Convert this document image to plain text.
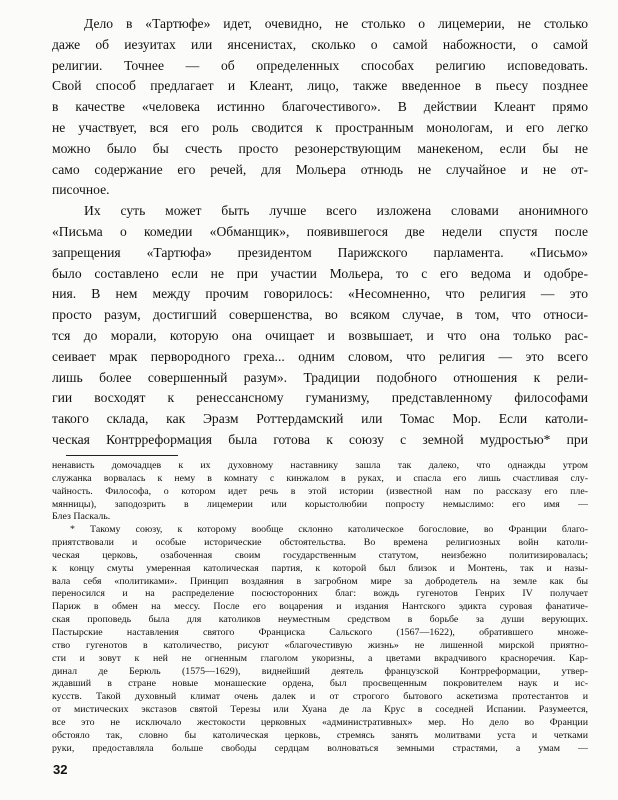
Дело в «Тартюфе» идет, очевидно, не столько о лицемерии, не столько
даже об иезуитах или янсенистах, сколько о самой набожности, о самой
религии. Точнее — об определенных способах религию исповедовать.
Свой способ предлагает и Клеант, лицо, также введенное в пьесу позднее
в качестве «человека истинно благочестивого». В действии Клеант прямо
не участвует, вся его роль сводится к пространным монологам, и его легко
можно было бы счесть просто резонерствующим манекеном, если бы не
само содержание его речей, для Мольера отнюдь не случайное и не от-
писочное.
Их суть может быть лучше всего изложена словами анонимного
«Письма о комедии «Обманщик», появившегося две недели спустя после
запрещения «Тартюфа» президентом Парижского парламента. «Письмо»
было составлено если не при участии Мольера, то с его ведома и одобре-
ния. В нем между прочим говорилось: «Несомненно, что религия — это
просто разум, достигший совершенства, во всяком случае, в том, что относи-
тся до морали, которую она очищает и возвышает, и что она только рас-
сеивает мрак первородного греха... одним словом, что религия — это всего
лишь более совершенный разум». Традиции подобного отношения к рели-
гии восходят к ренессансному гуманизму, представленному философами
такого склада, как Эразм Роттердамский или Томас Мор. Если католи-
ческая Контрреформация была готова к союзу с земной мудростью* при
ненависть домочадцев к их духовному наставнику зашла так далеко, что однажды утром
служанка ворвалась к нему в комнату с кинжалом в руках, и спасла его лишь счастливая слу-
чайность. Философа, о котором идет речь в этой истории (известной нам по рассказу его пле-
мянницы), заподозрить в лицемерии или корыстолюбии попросту немыслимо: его имя —
Блез Паскаль.
* Такому союзу, к которому вообще склонно католическое богословие, во Франции благо-
приятствовали и особые исторические обстоятельства. Во времена религиозных войн католи-
ческая церковь, озабоченная своим государственным статутом, неизбежно политизировалась;
к концу смуты умеренная католическая партия, к которой был близок и Монтень, так и назы-
вала себя «политиками». Принцип воздаяния в загробном мире за добродетель на земле как бы
переносился и на распределение посюсторонних благ: вождь гугенотов Генрих IV получает
Париж в обмен на мессу. После его воцарения и издания Нантского эдикта суровая фанатиче-
ская проповедь была для католиков неуместным средством в борьбе за души верующих.
Пастырские наставления святого Франциска Сальского (1567—1622), обратившего множе-
ство гугенотов в католичество, рисуют «благочестивую жизнь» не лишенной мирской приятно-
сти и зовут к ней не огненным глаголом укоризны, а цветами вкрадчивого красноречия. Кар-
динал де Берюль (1575—1629), виднейший деятель французской Контрреформации, утвер-
ждавший в стране новые монашеские ордена, был просвещенным покровителем наук и ис-
кусств. Такой духовный климат очень далек и от строгого бытового аскетизма протестантов и
от мистических экстазов святой Терезы или Хуана де ла Крус в соседней Испании. Разумеется,
все это не исключало жестокости церковных «административных» мер. Но дело во Франции
обстояло так, словно бы католическая церковь, стремясь занять молитвами уста и четками
руки, предоставляла больше свободы сердцам волноваться земными страстями, а умам —
32
